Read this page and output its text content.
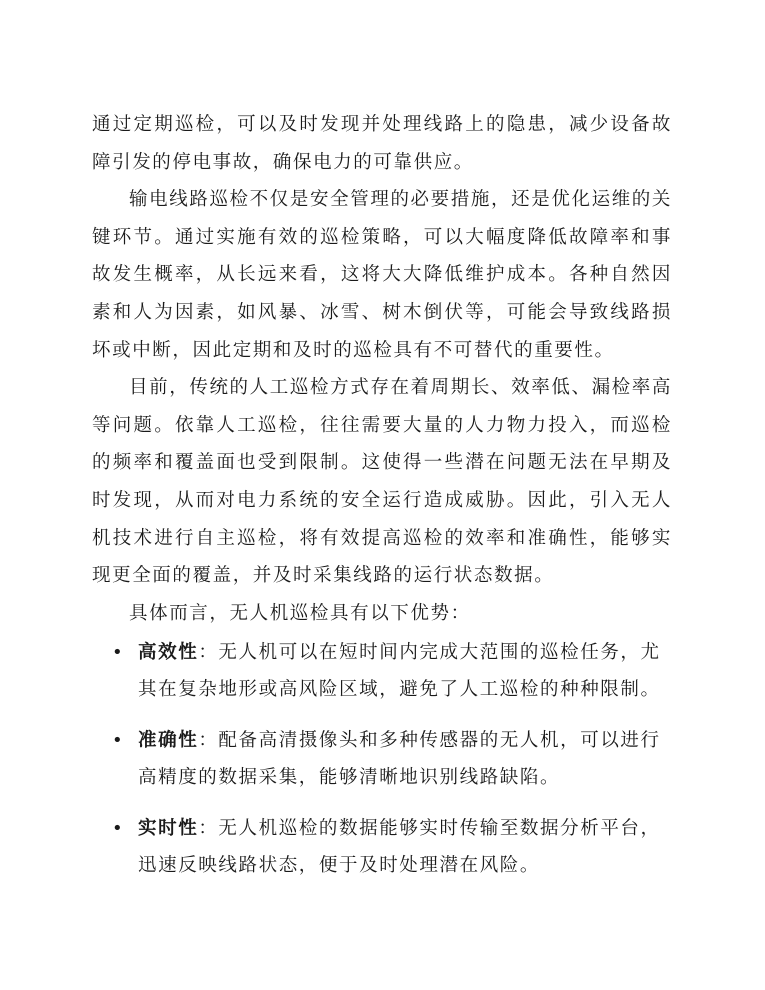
通过定期巡检，可以及时发现并处理线路上的隐患，减少设备故障引发的停电事故，确保电力的可靠供应。

输电线路巡检不仅是安全管理的必要措施，还是优化运维的关键环节。通过实施有效的巡检策略，可以大幅度降低故障率和事故发生概率，从长远来看，这将大大降低维护成本。各种自然因素和人为因素，如风暴、冰雪、树木倒伏等，可能会导致线路损坏或中断，因此定期和及时的巡检具有不可替代的重要性。

目前，传统的人工巡检方式存在着周期长、效率低、漏检率高等问题。依靠人工巡检，往往需要大量的人力物力投入，而巡检的频率和覆盖面也受到限制。这使得一些潜在问题无法在早期及时发现，从而对电力系统的安全运行造成威胁。因此，引入无人机技术进行自主巡检，将有效提高巡检的效率和准确性，能够实现更全面的覆盖，并及时采集线路的运行状态数据。

具体而言，无人机巡检具有以下优势：

• 高效性：无人机可以在短时间内完成大范围的巡检任务，尤其在复杂地形或高风险区域，避免了人工巡检的种种限制。
• 准确性：配备高清摄像头和多种传感器的无人机，可以进行高精度的数据采集，能够清晰地识别线路缺陷。
• 实时性：无人机巡检的数据能够实时传输至数据分析平台，迅速反映线路状态，便于及时处理潜在风险。
